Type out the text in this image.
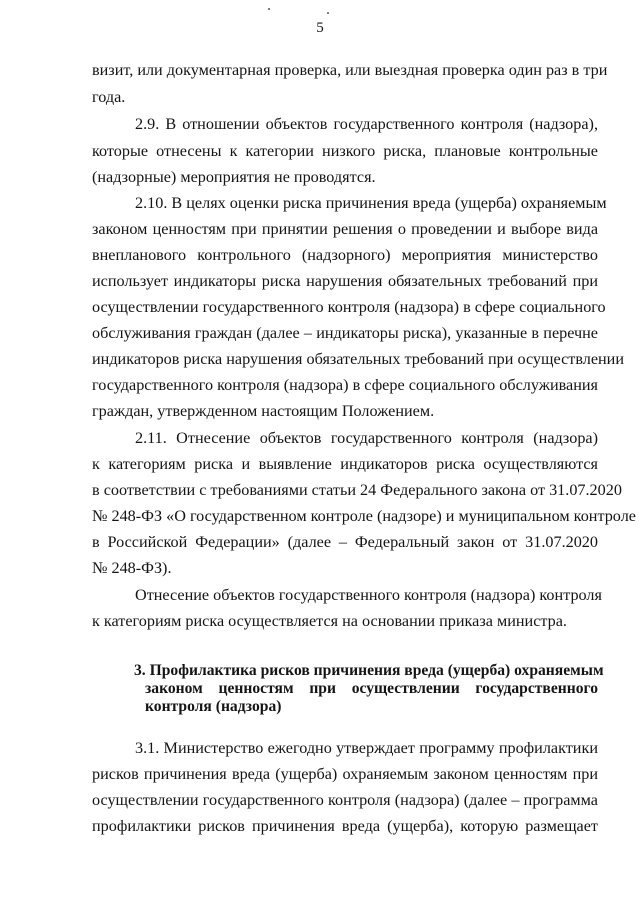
5
визит, или документарная проверка, или выездная проверка один раз в три
года.
2.9. В отношении объектов государственного контроля (надзора),
которые отнесены к категории низкого риска, плановые контрольные
(надзорные) мероприятия не проводятся.
2.10. В целях оценки риска причинения вреда (ущерба) охраняемым
законом ценностям при принятии решения о проведении и выборе вида
внепланового контрольного (надзорного) мероприятия министерство
использует индикаторы риска нарушения обязательных требований при
осуществлении государственного контроля (надзора) в сфере социального
обслуживания граждан (далее – индикаторы риска), указанные в перечне
индикаторов риска нарушения обязательных требований при осуществлении
государственного контроля (надзора) в сфере социального обслуживания
граждан, утвержденном настоящим Положением.
2.11. Отнесение объектов государственного контроля (надзора)
к категориям риска и выявление индикаторов риска осуществляются
в соответствии с требованиями статьи 24 Федерального закона от 31.07.2020
№ 248-ФЗ «О государственном контроле (надзоре) и муниципальном контроле
в Российской Федерации» (далее – Федеральный закон от 31.07.2020
№ 248-ФЗ).
Отнесение объектов государственного контроля (надзора) контроля
к категориям риска осуществляется на основании приказа министра.
3. Профилактика рисков причинения вреда (ущерба) охраняемым
законом ценностям при осуществлении государственного
контроля (надзора)
3.1. Министерство ежегодно утверждает программу профилактики
рисков причинения вреда (ущерба) охраняемым законом ценностям при
осуществлении государственного контроля (надзора) (далее – программа
профилактики рисков причинения вреда (ущерба), которую размещает
